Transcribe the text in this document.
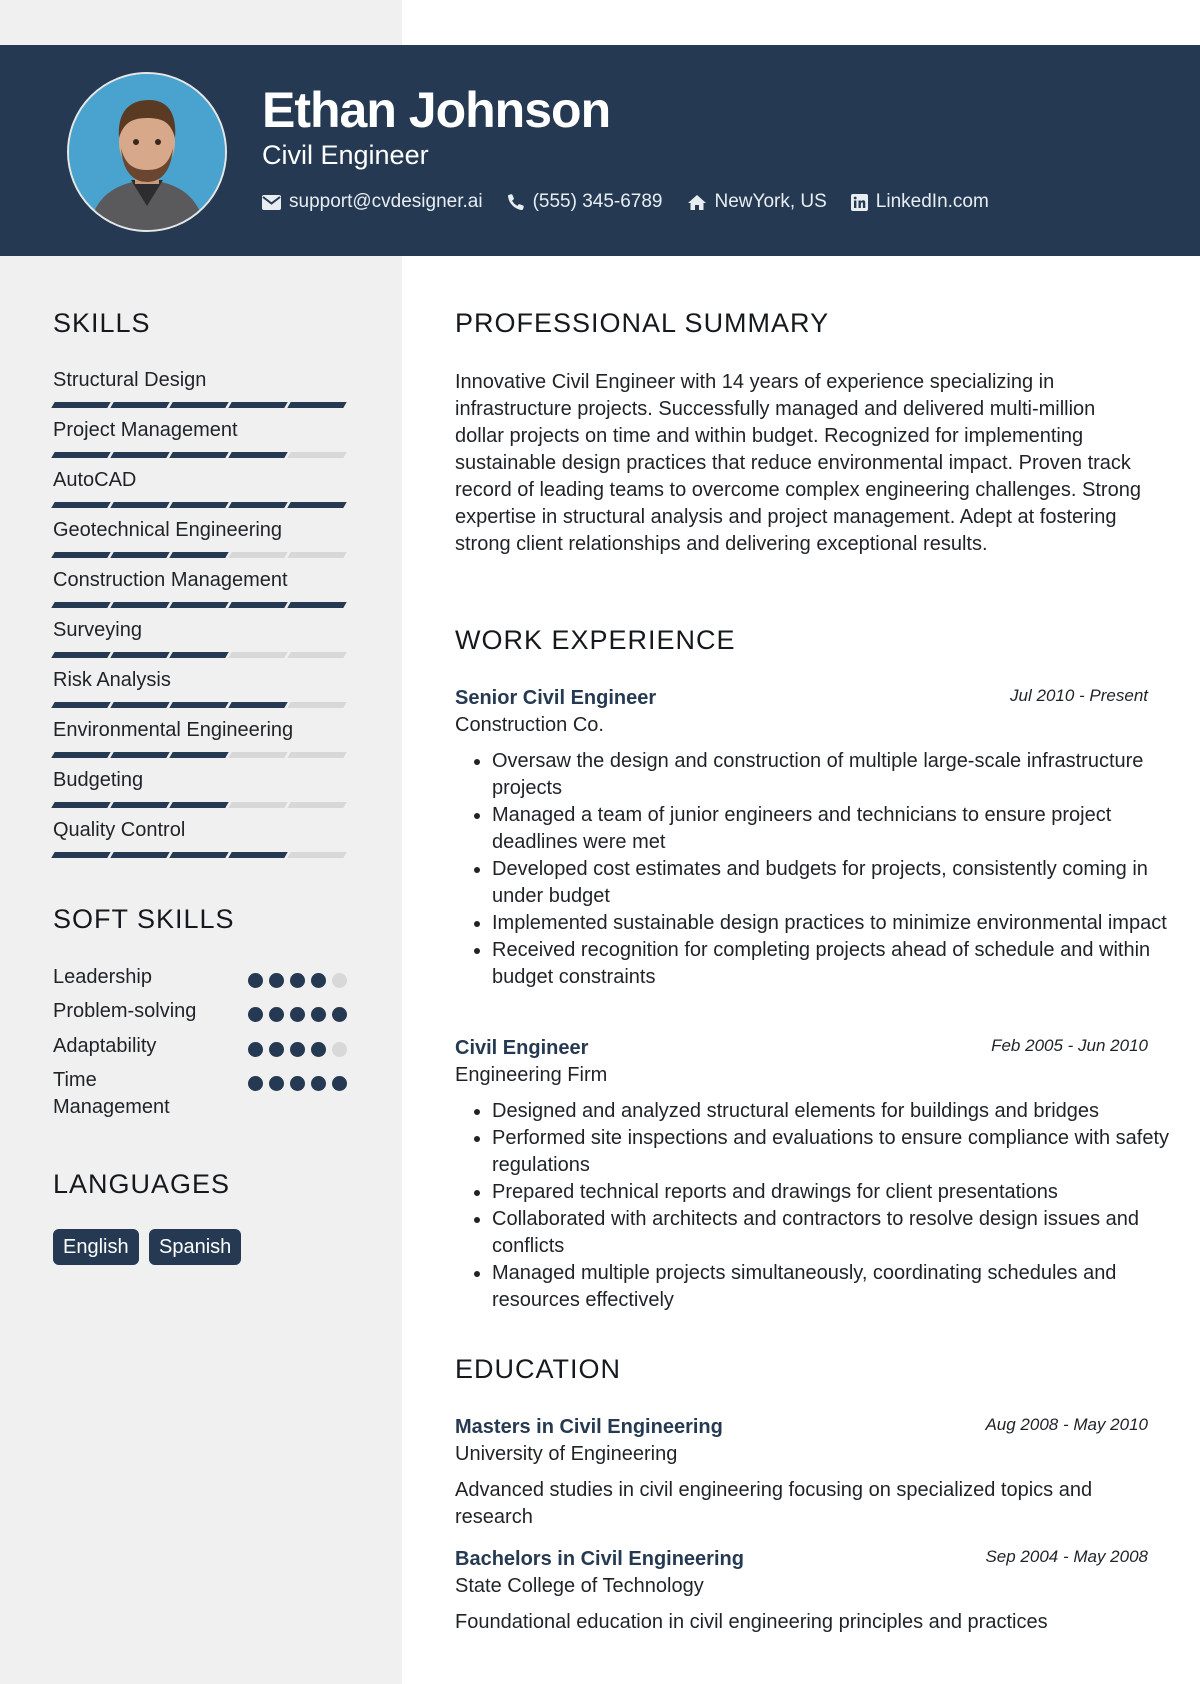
Ethan Johnson
Civil Engineer
support@cvdesigner.ai	(555) 345-6789	NewYork, US	LinkedIn.com
SKILLS
Structural Design
Project Management
AutoCAD
Geotechnical Engineering
Construction Management
Surveying
Risk Analysis
Environmental Engineering
Budgeting
Quality Control
SOFT SKILLS
Leadership
Problem-solving
Adaptability
Time Management
LANGUAGES
English	Spanish
PROFESSIONAL SUMMARY
Innovative Civil Engineer with 14 years of experience specializing in infrastructure projects. Successfully managed and delivered multi-million dollar projects on time and within budget. Recognized for implementing sustainable design practices that reduce environmental impact. Proven track record of leading teams to overcome complex engineering challenges. Strong expertise in structural analysis and project management. Adept at fostering strong client relationships and delivering exceptional results.
WORK EXPERIENCE
Senior Civil Engineer	Jul 2010 - Present
Construction Co.
• Oversaw the design and construction of multiple large-scale infrastructure projects
• Managed a team of junior engineers and technicians to ensure project deadlines were met
• Developed cost estimates and budgets for projects, consistently coming in under budget
• Implemented sustainable design practices to minimize environmental impact
• Received recognition for completing projects ahead of schedule and within budget constraints
Civil Engineer	Feb 2005 - Jun 2010
Engineering Firm
• Designed and analyzed structural elements for buildings and bridges
• Performed site inspections and evaluations to ensure compliance with safety regulations
• Prepared technical reports and drawings for client presentations
• Collaborated with architects and contractors to resolve design issues and conflicts
• Managed multiple projects simultaneously, coordinating schedules and resources effectively
EDUCATION
Masters in Civil Engineering	Aug 2008 - May 2010
University of Engineering
Advanced studies in civil engineering focusing on specialized topics and research
Bachelors in Civil Engineering	Sep 2004 - May 2008
State College of Technology
Foundational education in civil engineering principles and practices
